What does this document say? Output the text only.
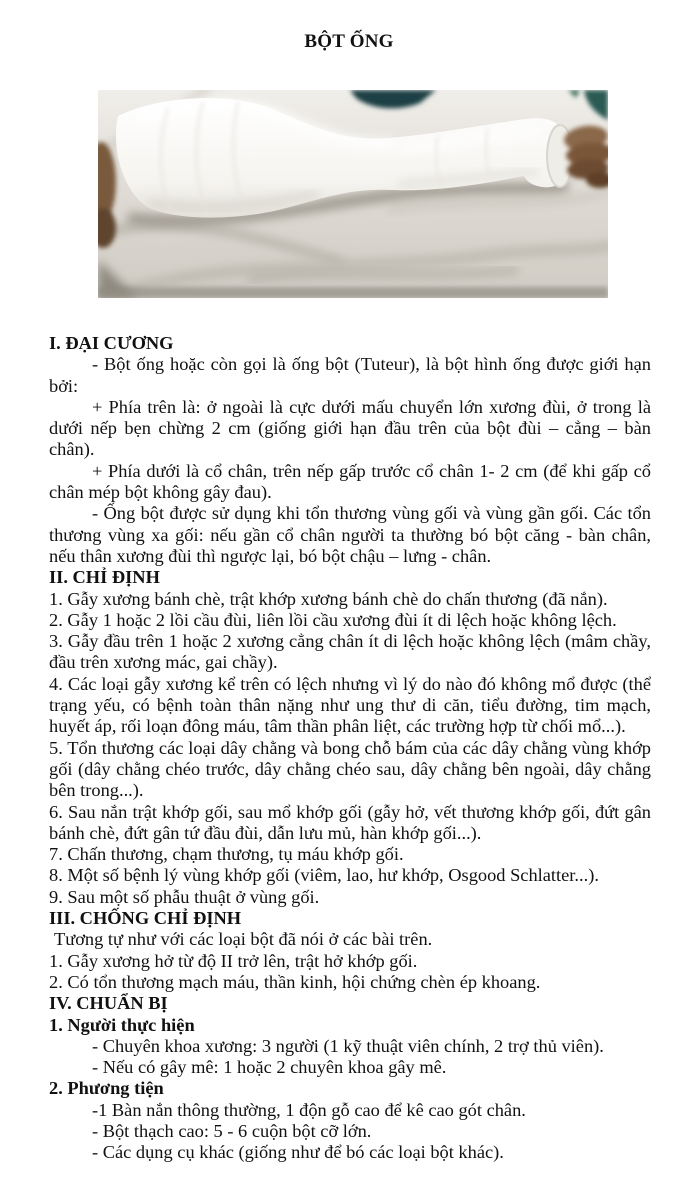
BỘT ỐNG

I. ĐẠI CƯƠNG

- Bột ống hoặc còn gọi là ống bột (Tuteur), là bột hình ống được giới hạn bởi:

+ Phía trên là: ở ngoài là cực dưới mấu chuyển lớn xương đùi, ở trong là dưới nếp bẹn chừng 2 cm (giống giới hạn đầu trên của bột đùi – cẳng – bàn chân).

+ Phía dưới là cổ chân, trên nếp gấp trước cổ chân 1- 2 cm (để khi gấp cổ chân mép bột không gây đau).

- Ống bột được sử dụng khi tổn thương vùng gối và vùng gần gối. Các tổn thương vùng xa gối: nếu gần cổ chân người ta thường bó bột căng - bàn chân, nếu thân xương đùi thì ngược lại, bó bột chậu – lưng - chân.

II. CHỈ ĐỊNH

1. Gẫy xương bánh chè, trật khớp xương bánh chè do chấn thương (đã nắn).

2. Gẫy 1 hoặc 2 lồi cầu đùi, liên lồi cầu xương đùi ít di lệch hoặc không lệch.

3. Gẫy đầu trên 1 hoặc 2 xương cẳng chân ít di lệch hoặc không lệch (mâm chầy, đầu trên xương mác, gai chầy).

4. Các loại gẫy xương kể trên có lệch nhưng vì lý do nào đó không mổ được (thể trạng yếu, có bệnh toàn thân nặng như ung thư di căn, tiểu đường, tim mạch, huyết áp, rối loạn đông máu, tâm thần phân liệt, các trường hợp từ chối mổ...).

5. Tổn thương các loại dây chằng và bong chỗ bám của các dây chằng vùng khớp gối (dây chằng chéo trước, dây chằng chéo sau, dây chằng bên ngoài, dây chằng bên trong...).

6. Sau nắn trật khớp gối, sau mổ khớp gối (gẫy hở, vết thương khớp gối, đứt gân bánh chè, đứt gân tứ đầu đùi, dẫn lưu mủ, hàn khớp gối...).

7. Chấn thương, chạm thương, tụ máu khớp gối.

8. Một số bệnh lý vùng khớp gối (viêm, lao, hư khớp, Osgood Schlatter...).

9. Sau một số phẫu thuật ở vùng gối.

III. CHỐNG CHỈ ĐỊNH

Tương tự như với các loại bột đã nói ở các bài trên.

1. Gẫy xương hở từ độ II trở lên, trật hở khớp gối.

2. Có tổn thương mạch máu, thần kinh, hội chứng chèn ép khoang.

IV. CHUẨN BỊ

1. Người thực hiện

- Chuyên khoa xương: 3 người (1 kỹ thuật viên chính, 2 trợ thủ viên).

- Nếu có gây mê: 1 hoặc 2 chuyên khoa gây mê.

2. Phương tiện

-1 Bàn nắn thông thường, 1 độn gỗ cao để kê cao gót chân.

- Bột thạch cao: 5 - 6 cuộn bột cỡ lớn.

- Các dụng cụ khác (giống như để bó các loại bột khác).
